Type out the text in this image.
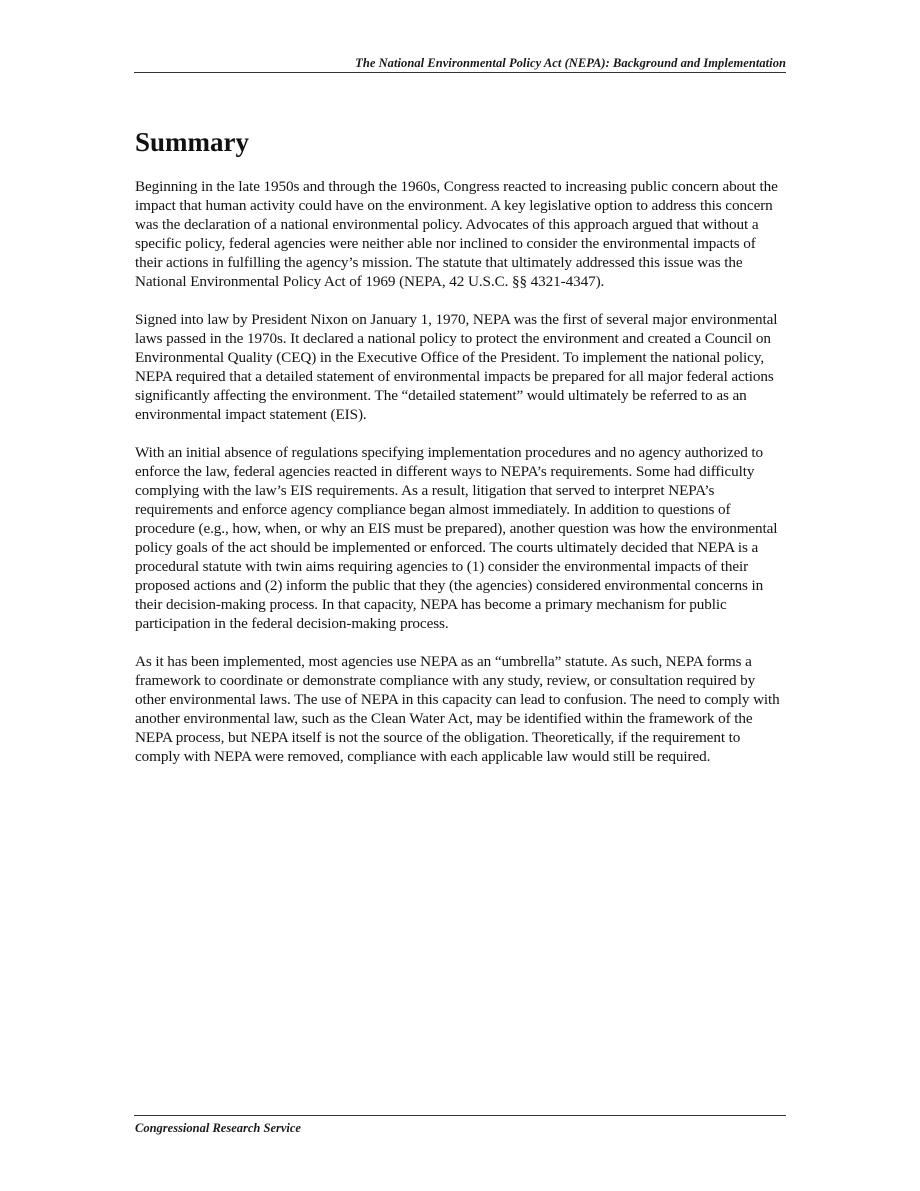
The National Environmental Policy Act (NEPA): Background and Implementation
Summary

Beginning in the late 1950s and through the 1960s, Congress reacted to increasing public concern about the impact that human activity could have on the environment. A key legislative option to address this concern was the declaration of a national environmental policy. Advocates of this approach argued that without a specific policy, federal agencies were neither able nor inclined to consider the environmental impacts of their actions in fulfilling the agency’s mission. The statute that ultimately addressed this issue was the National Environmental Policy Act of 1969 (NEPA, 42 U.S.C. §§ 4321-4347).

Signed into law by President Nixon on January 1, 1970, NEPA was the first of several major environmental laws passed in the 1970s. It declared a national policy to protect the environment and created a Council on Environmental Quality (CEQ) in the Executive Office of the President. To implement the national policy, NEPA required that a detailed statement of environmental impacts be prepared for all major federal actions significantly affecting the environment. The “detailed statement” would ultimately be referred to as an environmental impact statement (EIS).

With an initial absence of regulations specifying implementation procedures and no agency authorized to enforce the law, federal agencies reacted in different ways to NEPA’s requirements. Some had difficulty complying with the law’s EIS requirements. As a result, litigation that served to interpret NEPA’s requirements and enforce agency compliance began almost immediately. In addition to questions of procedure (e.g., how, when, or why an EIS must be prepared), another question was how the environmental policy goals of the act should be implemented or enforced. The courts ultimately decided that NEPA is a procedural statute with twin aims requiring agencies to (1) consider the environmental impacts of their proposed actions and (2) inform the public that they (the agencies) considered environmental concerns in their decision-making process. In that capacity, NEPA has become a primary mechanism for public participation in the federal decision-making process.

As it has been implemented, most agencies use NEPA as an “umbrella” statute. As such, NEPA forms a framework to coordinate or demonstrate compliance with any study, review, or consultation required by other environmental laws. The use of NEPA in this capacity can lead to confusion. The need to comply with another environmental law, such as the Clean Water Act, may be identified within the framework of the NEPA process, but NEPA itself is not the source of the obligation. Theoretically, if the requirement to comply with NEPA were removed, compliance with each applicable law would still be required.

Congressional Research Service
